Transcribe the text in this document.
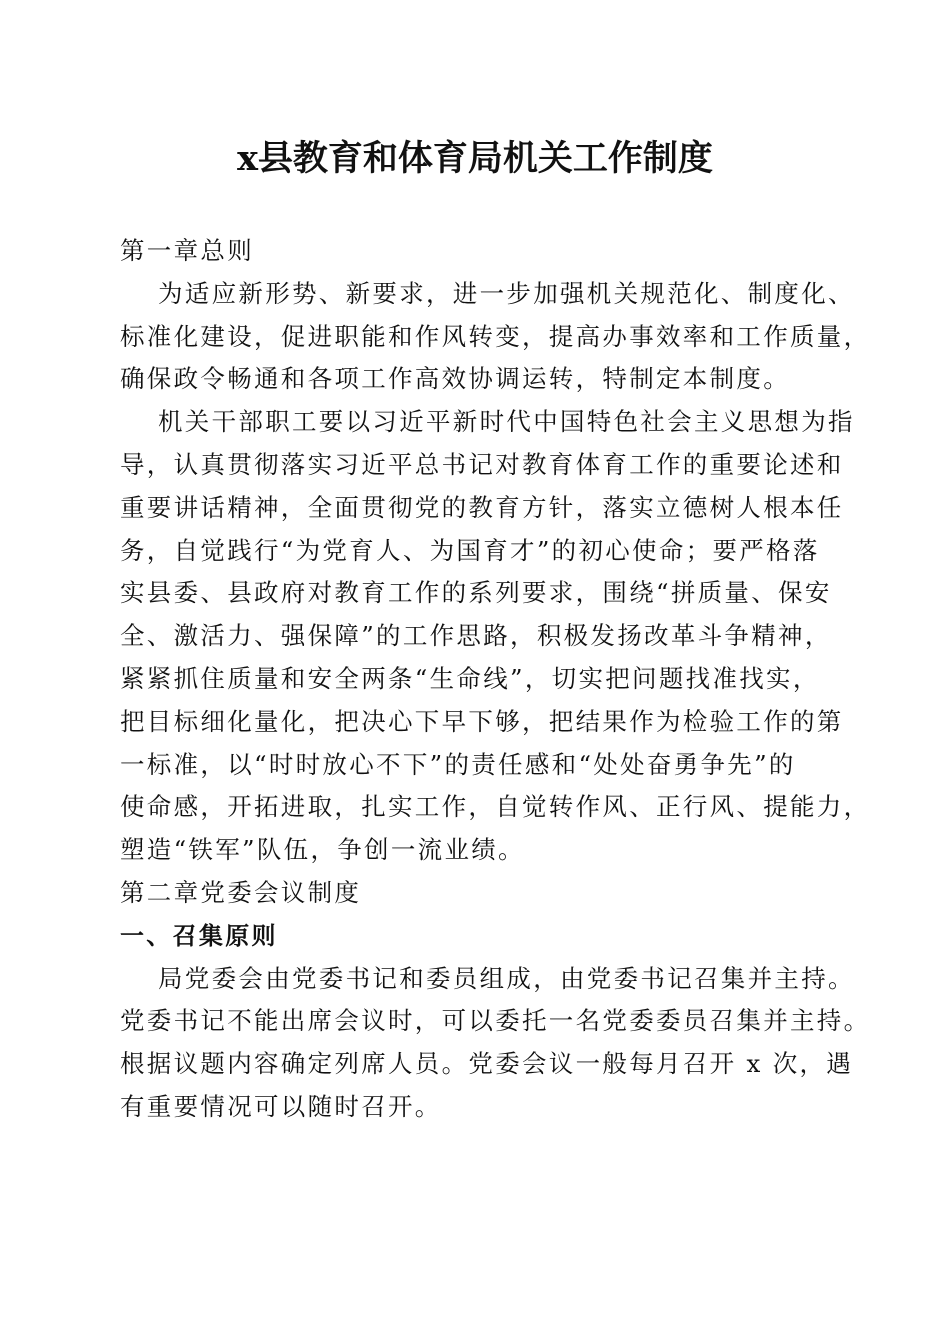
x县教育和体育局机关工作制度

第一章总则

为适应新形势、新要求，进一步加强机关规范化、制度化、
标准化建设，促进职能和作风转变，提高办事效率和工作质量，
确保政令畅通和各项工作高效协调运转，特制定本制度。

机关干部职工要以习近平新时代中国特色社会主义思想为指
导，认真贯彻落实习近平总书记对教育体育工作的重要论述和
重要讲话精神，全面贯彻党的教育方针，落实立德树人根本任
务，自觉践行“为党育人、为国育才”的初心使命；要严格落
实县委、县政府对教育工作的系列要求，围绕“拼质量、保安
全、激活力、强保障”的工作思路，积极发扬改革斗争精神，
紧紧抓住质量和安全两条“生命线”，切实把问题找准找实，
把目标细化量化，把决心下早下够，把结果作为检验工作的第
一标准，以“时时放心不下”的责任感和“处处奋勇争先”的
使命感，开拓进取，扎实工作，自觉转作风、正行风、提能力，
塑造“铁军”队伍，争创一流业绩。

第二章党委会议制度

一、召集原则

局党委会由党委书记和委员组成，由党委书记召集并主持。
党委书记不能出席会议时，可以委托一名党委委员召集并主持。
根据议题内容确定列席人员。党委会议一般每月召开 x 次，遇
有重要情况可以随时召开。
